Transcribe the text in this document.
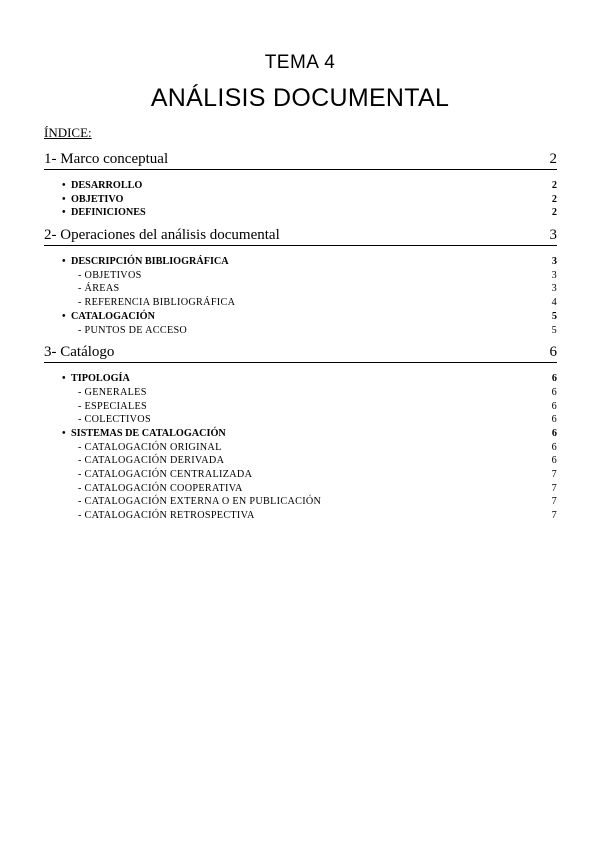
TEMA 4
ANÁLISIS DOCUMENTAL
ÍNDICE:
1- Marco conceptual	2
• DESARROLLO	2
• OBJETIVO	2
• DEFINICIONES	2
2- Operaciones del análisis documental	3
• DESCRIPCIÓN BIBLIOGRÁFICA	3
- OBJETIVOS	3
- ÁREAS	3
- REFERENCIA BIBLIOGRÁFICA	4
• CATALOGACIÓN	5
- PUNTOS DE ACCESO	5
3- Catálogo	6
• TIPOLOGÍA	6
- GENERALES	6
- ESPECIALES	6
- COLECTIVOS	6
• SISTEMAS DE CATALOGACIÓN	6
- CATALOGACIÓN ORIGINAL	6
- CATALOGACIÓN DERIVADA	6
- CATALOGACIÓN CENTRALIZADA	7
- CATALOGACIÓN COOPERATIVA	7
- CATALOGACIÓN EXTERNA O EN PUBLICACIÓN	7
- CATALOGACIÓN RETROSPECTIVA	7
